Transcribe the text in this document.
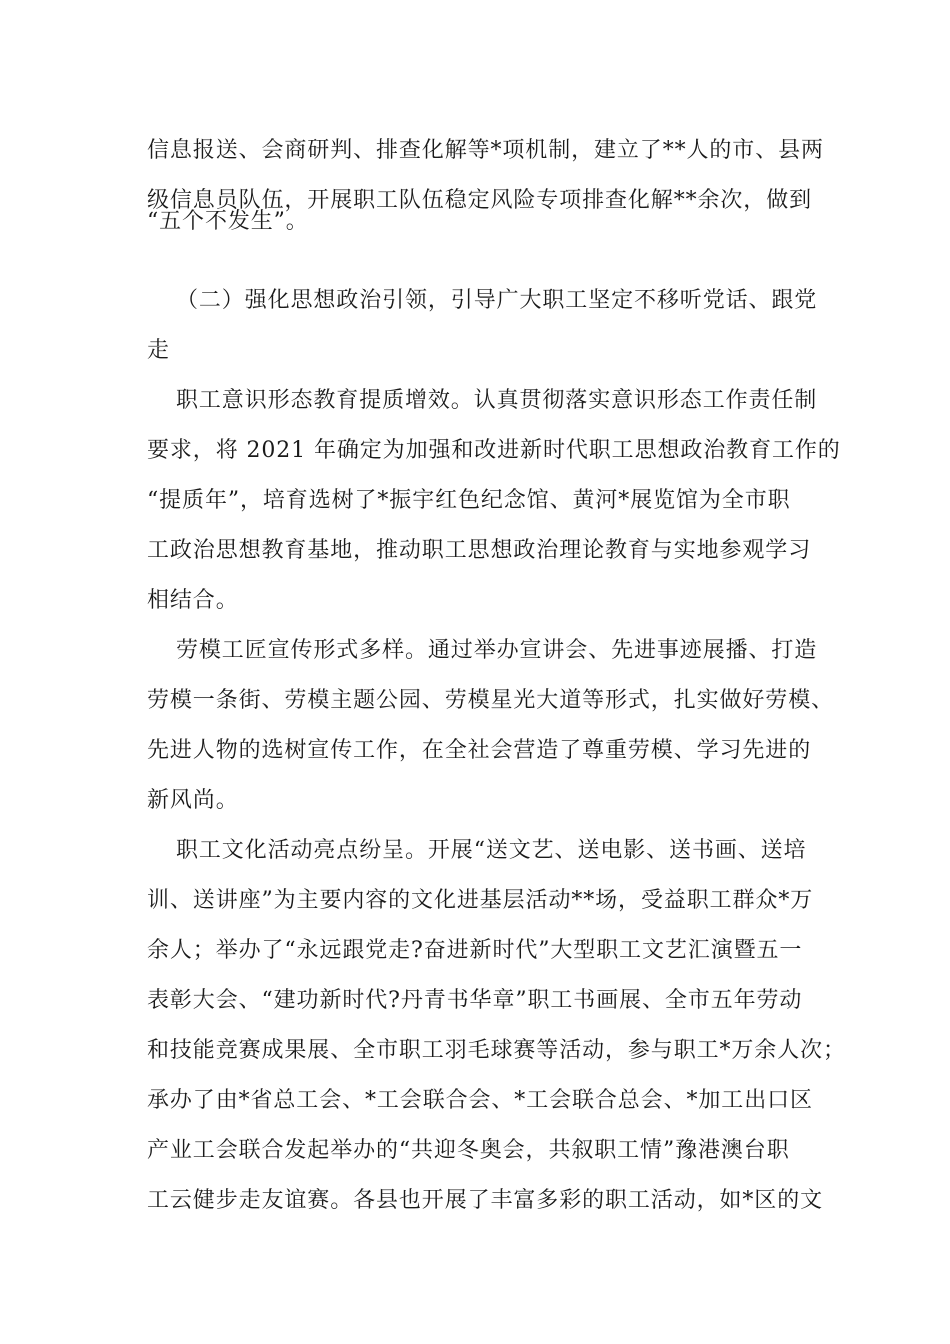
信息报送、会商研判、排查化解等*项机制，建立了**人的市、县两
级信息员队伍，开展职工队伍稳定风险专项排查化解**余次，做到
“五个不发生”。
（二）强化思想政治引领，引导广大职工坚定不移听党话、跟党
走
职工意识形态教育提质增效。认真贯彻落实意识形态工作责任制
要求，将 2021 年确定为加强和改进新时代职工思想政治教育工作的
“提质年”，培育选树了*振宇红色纪念馆、黄河*展览馆为全市职
工政治思想教育基地，推动职工思想政治理论教育与实地参观学习
相结合。
劳模工匠宣传形式多样。通过举办宣讲会、先进事迹展播、打造
劳模一条街、劳模主题公园、劳模星光大道等形式，扎实做好劳模、
先进人物的选树宣传工作，在全社会营造了尊重劳模、学习先进的
新风尚。
职工文化活动亮点纷呈。开展“送文艺、送电影、送书画、送培
训、送讲座”为主要内容的文化进基层活动**场，受益职工群众*万
余人；举办了“永远跟党走?奋进新时代”大型职工文艺汇演暨五一
表彰大会、“建功新时代?丹青书华章”职工书画展、全市五年劳动
和技能竞赛成果展、全市职工羽毛球赛等活动，参与职工*万余人次；
承办了由*省总工会、*工会联合会、*工会联合总会、*加工出口区
产业工会联合发起举办的“共迎冬奥会，共叙职工情”豫港澳台职
工云健步走友谊赛。各县也开展了丰富多彩的职工活动，如*区的文
